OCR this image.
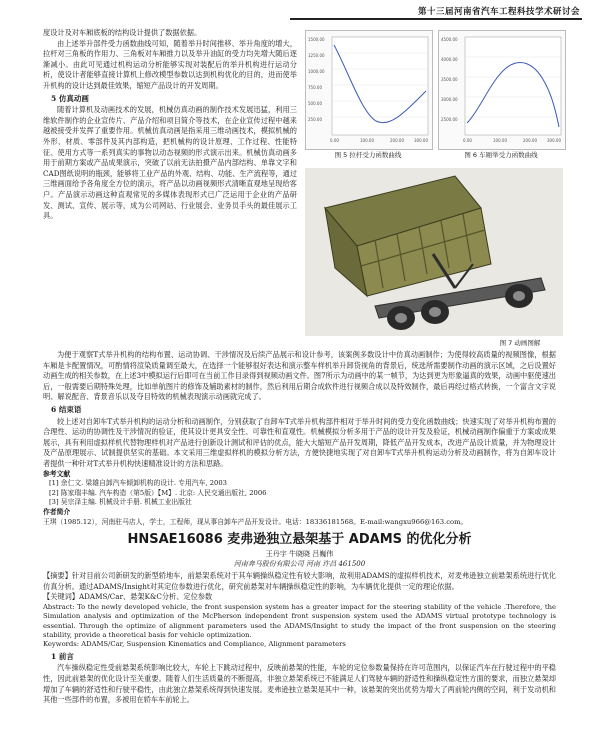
第十三届河南省汽车工程科技学术研讨会

度设计及对车厢底板的结构设计提供了数据依据。

由上述举升部件受力函数曲线可知，随着举升时间推移、举升角度的增大，拉杆对三角板的作用力、三角板对车厢推力以及举升油缸的受力均先增大随后逐渐减小。由此可见通过机构运动分析能够实现对装配后的举升机构进行运动分析，使设计者能够直接计算机上修改模型参数以达到机构优化的目的，进而使举升机构的设计达到最佳效果，缩短产品设计的开发周期。

5 仿真动画

随着计算机及动画技术的发展，机械仿真动画的制作技术发展迅猛，利用三维软件制作的企业宣传片、产品介绍和项目简介等技术，在企业宣传过程中越来越被接受并发挥了重要作用。机械仿真动画是指采用三维动画技术，模拟机械的外形、材质、零部件及其内部构造，把机械构的设计原理、工作过程、性能特征、使用方式等一系列真实的事物以动态视频的形式演示出来。机械仿真动画多用于前期方案或产品成果演示，突破了以前无法拍摄产品内部结构、单靠文字和CAD图纸说明的瓶颈，能够将工业产品的外观、结构、功能、生产流程等，通过三维画面给予各角度全方位的演示，将产品以动画视频形式清晰直观地呈现给客户。产品演示动画这种直观常见的多媒体表现形式已广泛运用于企业的产品研发、测试、宣传、展示等，成为公司网站、行业展会、业务员手头的最佳展示工具。

1500.00
1250.00
1000.00
750.00
500.00
250.00
0.00	100.00	200.00	300.00
图 5 拉杆受力函数曲线
4500.00
4000.00
3500.00
3000.00
2500.00
0.00	100.00	200.00	300.00
图 6 车厢举受力函数曲线
图 7 动画图解

为便于观察T式举升机构的结构布置、运动协调、干涉情况及后续产品展示和设计参考，该案例多数设计中仿真动画制作；为使得较高质量的视频图像，根据车厢是卡配置情况，可酌情将渲染质量调至最大，在选择一个能够很好表达和演示整车样机举升卸货视角的背景后，统选所需要制作动画的演示区域，之后设置好动画生成的相关参数，在上述3中模拟运行后即可在当前工作目录得到视频动画文件。图7所示为动画中的某一帧节，为达到更为形象逼真的效果，动画中驱使速出后，一般需要后期特殊处理，比如单航图片的修饰及辅助素材的制作，然后利用后期合成软件进行视频合成以及特效制作，最后再经过格式转换，一个富含文字说明、解说配音、背景音乐以及夺目特效的机械表现演示动画就完成了。

6 结束语

较上述对自卸车T式举升机构的运动分析和动画制作，分别获取了自卸车T式举升机构部件相对于举升时间的受力变化函数曲线；快速实现了对举升机构布置的合理性、运动的协调性及干涉情况的验证，使其设计更具安全性、可靠性和直观性。机械模拟分析多用于产品的设计开发及验证，机械动画制作偏重于方案或成果展示，具有利用虚拟样机代替物理样机对产品进行创新设计测试和评估的优点，能大大缩短产品开发周期，降低产品开发成本，改进产品设计质量，并为物理设计及产品原理展示、试制提供坚实的基础。本文采用三维虚拟样机的模拟分析方法，方便快捷地实现了对自卸车T式举升机构运动分析及动画制作，将为自卸车设计者提供一种针对T式举升机构快速精准设计的方法和思路。

参考文献
[1] 余仁文. 梁雄自卸汽车倾卸机构的设计. 专用汽车, 2003
[2] 陈家瑞丰编. 汽车构造（第5版）【M】. 北京: 人民交通出版社, 2006
[3] 吴宗泽主编. 机械设计手册. 机械工业出版社
作者简介
王琪（1985.12），河南驻马店人，学士，工程师，现从事自卸车产品开发设计。电话：18336181568。E-mail:wangxu966@163.com。
HNSAE16086 麦弗逊独立悬架基于 ADAMS 的优化分析
王丹宇 牛晓晓 吕巍伟
河南奔马股份有限公司 河南 许昌 461500

【摘要】针对目前公司新研发的新型轿地车，前悬架系统对于其车辆操纵稳定性有较大影响，故利用ADAMS的虚拟样机技术，对麦弗逊独立前悬架系统进行优化仿真分析。通过ADAMS/Insight对其定位参数进行优化，研究前悬架对车辆操纵稳定性的影响，为车辆优化提供一定的理论依据。

【关键词】ADAMS/Car、悬架K&C分析、定位参数

Abstract: To the newly developed vehicle, the front suspension system has a greater impact for the steering stability of the vehicle .Therefore, the Simulation analysis and optimization of the McPherson independent front suspension system used the ADAMS virtual prototype technology is essential. Through the optimize of alignment parameters used the ADAMS/Insight to study the impact of the front suspension on the steering stability, provide a theoretical basis for vehicle optimization.

Keywords: ADAMS/Car, Suspension Kinematics and Compliance, Alignment parameters

1 前言

汽车操纵稳定性受前悬架系统影响比较大，车轮上下跳动过程中，反映前悬架的性能，车轮的定位参数量保持在许可范围内，以保证汽车在行驶过程中的平稳性，因此前悬架的优化设计至关重要。随着人们生活质量的不断提高，非独立悬架系统已不能满足人们驾驶车辆的舒适性和操纵稳定性方面的要求，而独立悬架却增加了车辆的舒适性和行驶平稳性，由此独立悬架系统得到快速发展。麦弗逊独立悬架是其中一种，该悬架的突出优势为增大了两前轮内侧的空间，利于发动机和其他一些部件的布置，多被用在轿车车前轮上。
